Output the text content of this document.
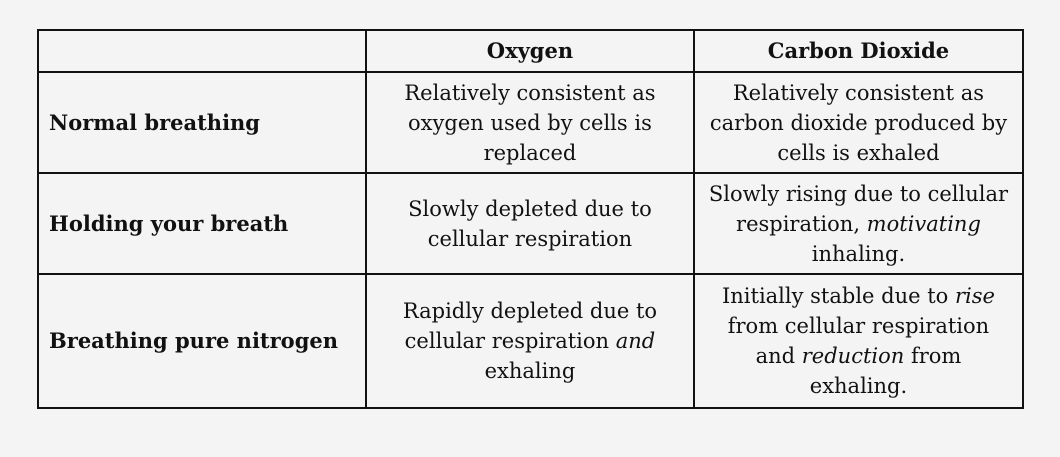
	Oxygen	Carbon Dioxide
Normal breathing	Relatively consistent as oxygen used by cells is replaced	Relatively consistent as carbon dioxide produced by cells is exhaled
Holding your breath	Slowly depleted due to cellular respiration	Slowly rising due to cellular respiration, motivating inhaling.
Breathing pure nitrogen	Rapidly depleted due to cellular respiration and exhaling	Initially stable due to rise from cellular respiration and reduction from exhaling.
